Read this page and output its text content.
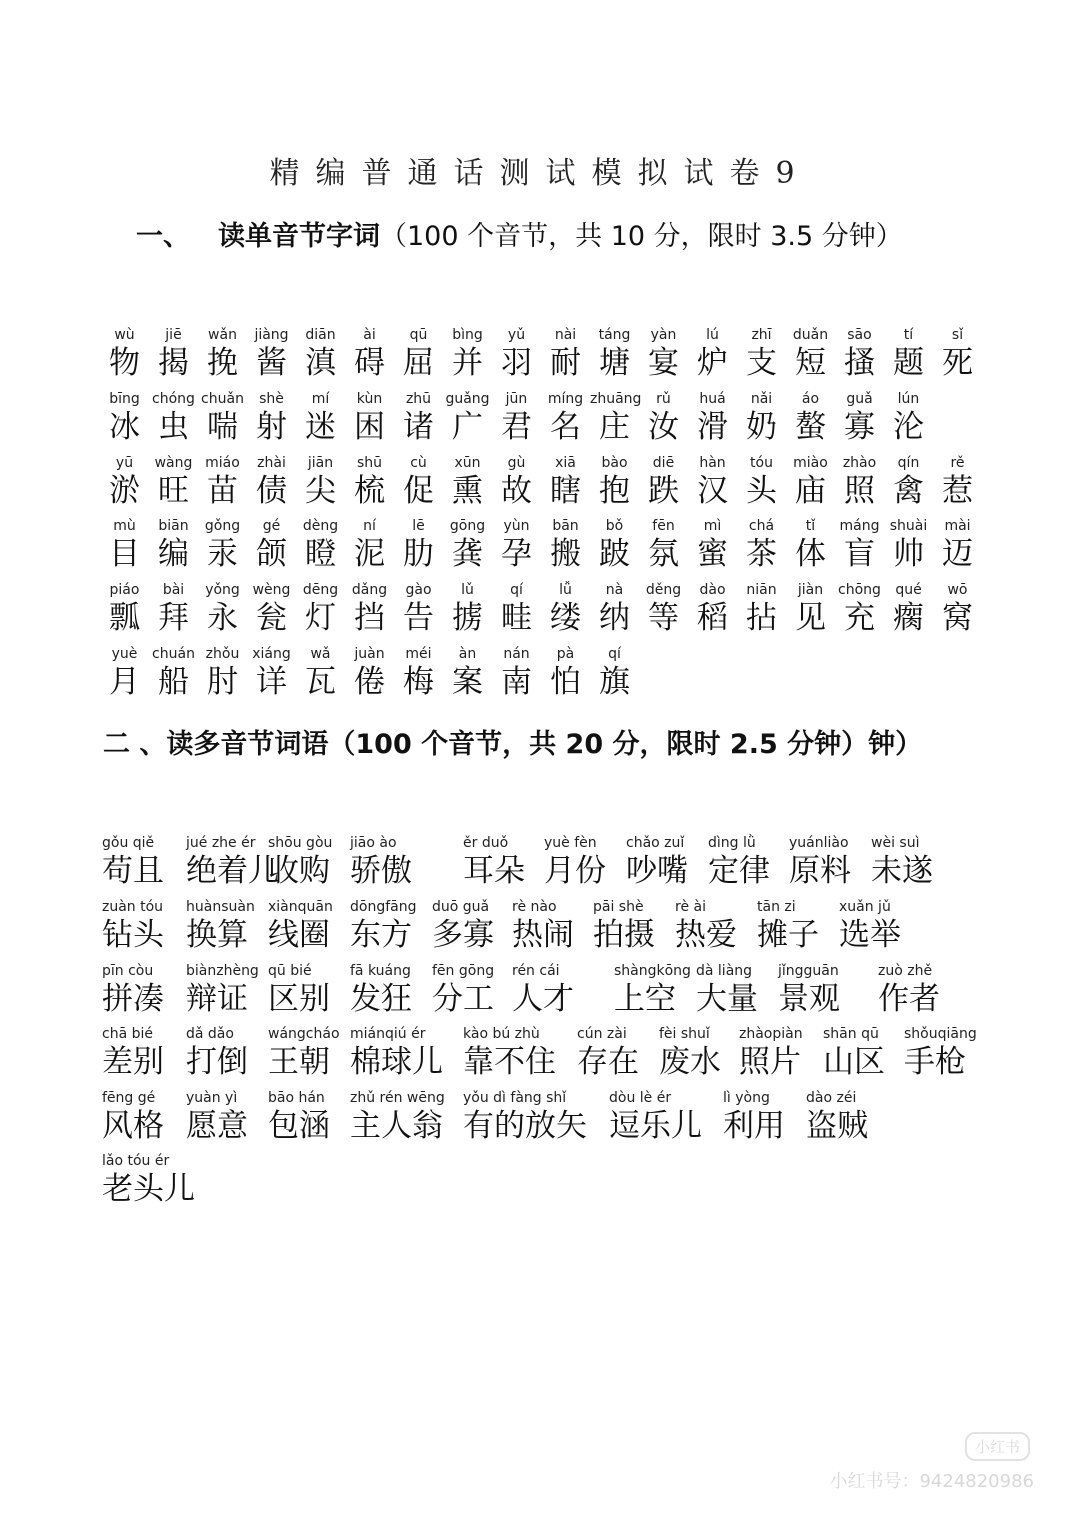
精编普通话测试模拟试卷9
一、 读单音节字词（100 个音节，共 10 分，限时 3.5 分钟）
wù
物
jiē
揭
wǎn
挽
jiàng
酱
diān
滇
ài
碍
qū
屈
bìng
并
yǔ
羽
nài
耐
táng
塘
yàn
宴
lú
炉
zhī
支
duǎn
短
sāo
搔
tí
题
sǐ
死
bīng
冰
chóng
虫
chuǎn
喘
shè
射
mí
迷
kùn
困
zhū
诸
guǎng
广
jūn
君
míng
名
zhuāng
庄
rǔ
汝
huá
滑
nǎi
奶
áo
螯
guǎ
寡
lún
沦
yū
淤
wàng
旺
miáo
苗
zhài
债
jiān
尖
shū
梳
cù
促
xūn
熏
gù
故
xiā
瞎
bào
抱
diē
跌
hàn
汉
tóu
头
miào
庙
zhào
照
qín
禽
rě
惹
mù
目
biān
编
gǒng
汞
gé
颌
dèng
瞪
ní
泥
lē
肋
gōng
龚
yùn
孕
bān
搬
bǒ
跛
fēn
氛
mì
蜜
chá
茶
tǐ
体
máng
盲
shuài
帅
mài
迈
piáo
瓢
bài
拜
yǒng
永
wèng
瓮
dēng
灯
dǎng
挡
gào
告
lǔ
掳
qí
畦
lǚ
缕
nà
纳
děng
等
dào
稻
niān
拈
jiàn
见
chōng
充
qué
瘸
wō
窝
yuè
月
chuán
船
zhǒu
肘
xiáng
详
wǎ
瓦
juàn
倦
méi
梅
àn
案
nán
南
pà
怕
qí
旗
二 、读多音节词语（100 个音节，共 20 分，限时 2.5 分钟）钟）
gǒu qiě
苟且
jué zhe ér
绝着儿
shōu gòu
收购
jiāo ào
骄傲
ěr duǒ
耳朵
yuè fèn
月份
chǎo zuǐ
吵嘴
dìng lǜ
定律
yuánliào
原料
wèi suì
未遂
zuàn tóu
钻头
huànsuàn
换算
xiànquān
线圈
dōngfāng
东方
duō guǎ
多寡
rè nào
热闹
pāi shè
拍摄
rè ài
热爱
tān zi
摊子
xuǎn jǔ
选举
pīn còu
拼凑
biànzhèng
辩证
qū bié
区别
fā kuáng
发狂
fēn gōng
分工
rén cái
人才
shàngkōng
上空
dà liàng
大量
jǐngguān
景观
zuò zhě
作者
chā bié
差别
dǎ dǎo
打倒
wángcháo
王朝
miánqiú ér
棉球儿
kào bú zhù
靠不住
cún zài
存在
fèi shuǐ
废水
zhàopiàn
照片
shān qū
山区
shǒuqiāng
手枪
fēng gé
风格
yuàn yì
愿意
bāo hán
包涵
zhǔ rén wēng
主人翁
yǒu dì fàng shǐ
有的放矢
dòu lè ér
逗乐儿
lì yòng
利用
dào zéi
盗贼
lǎo tóu ér
老头儿
小红书
小红书号：9424820986
